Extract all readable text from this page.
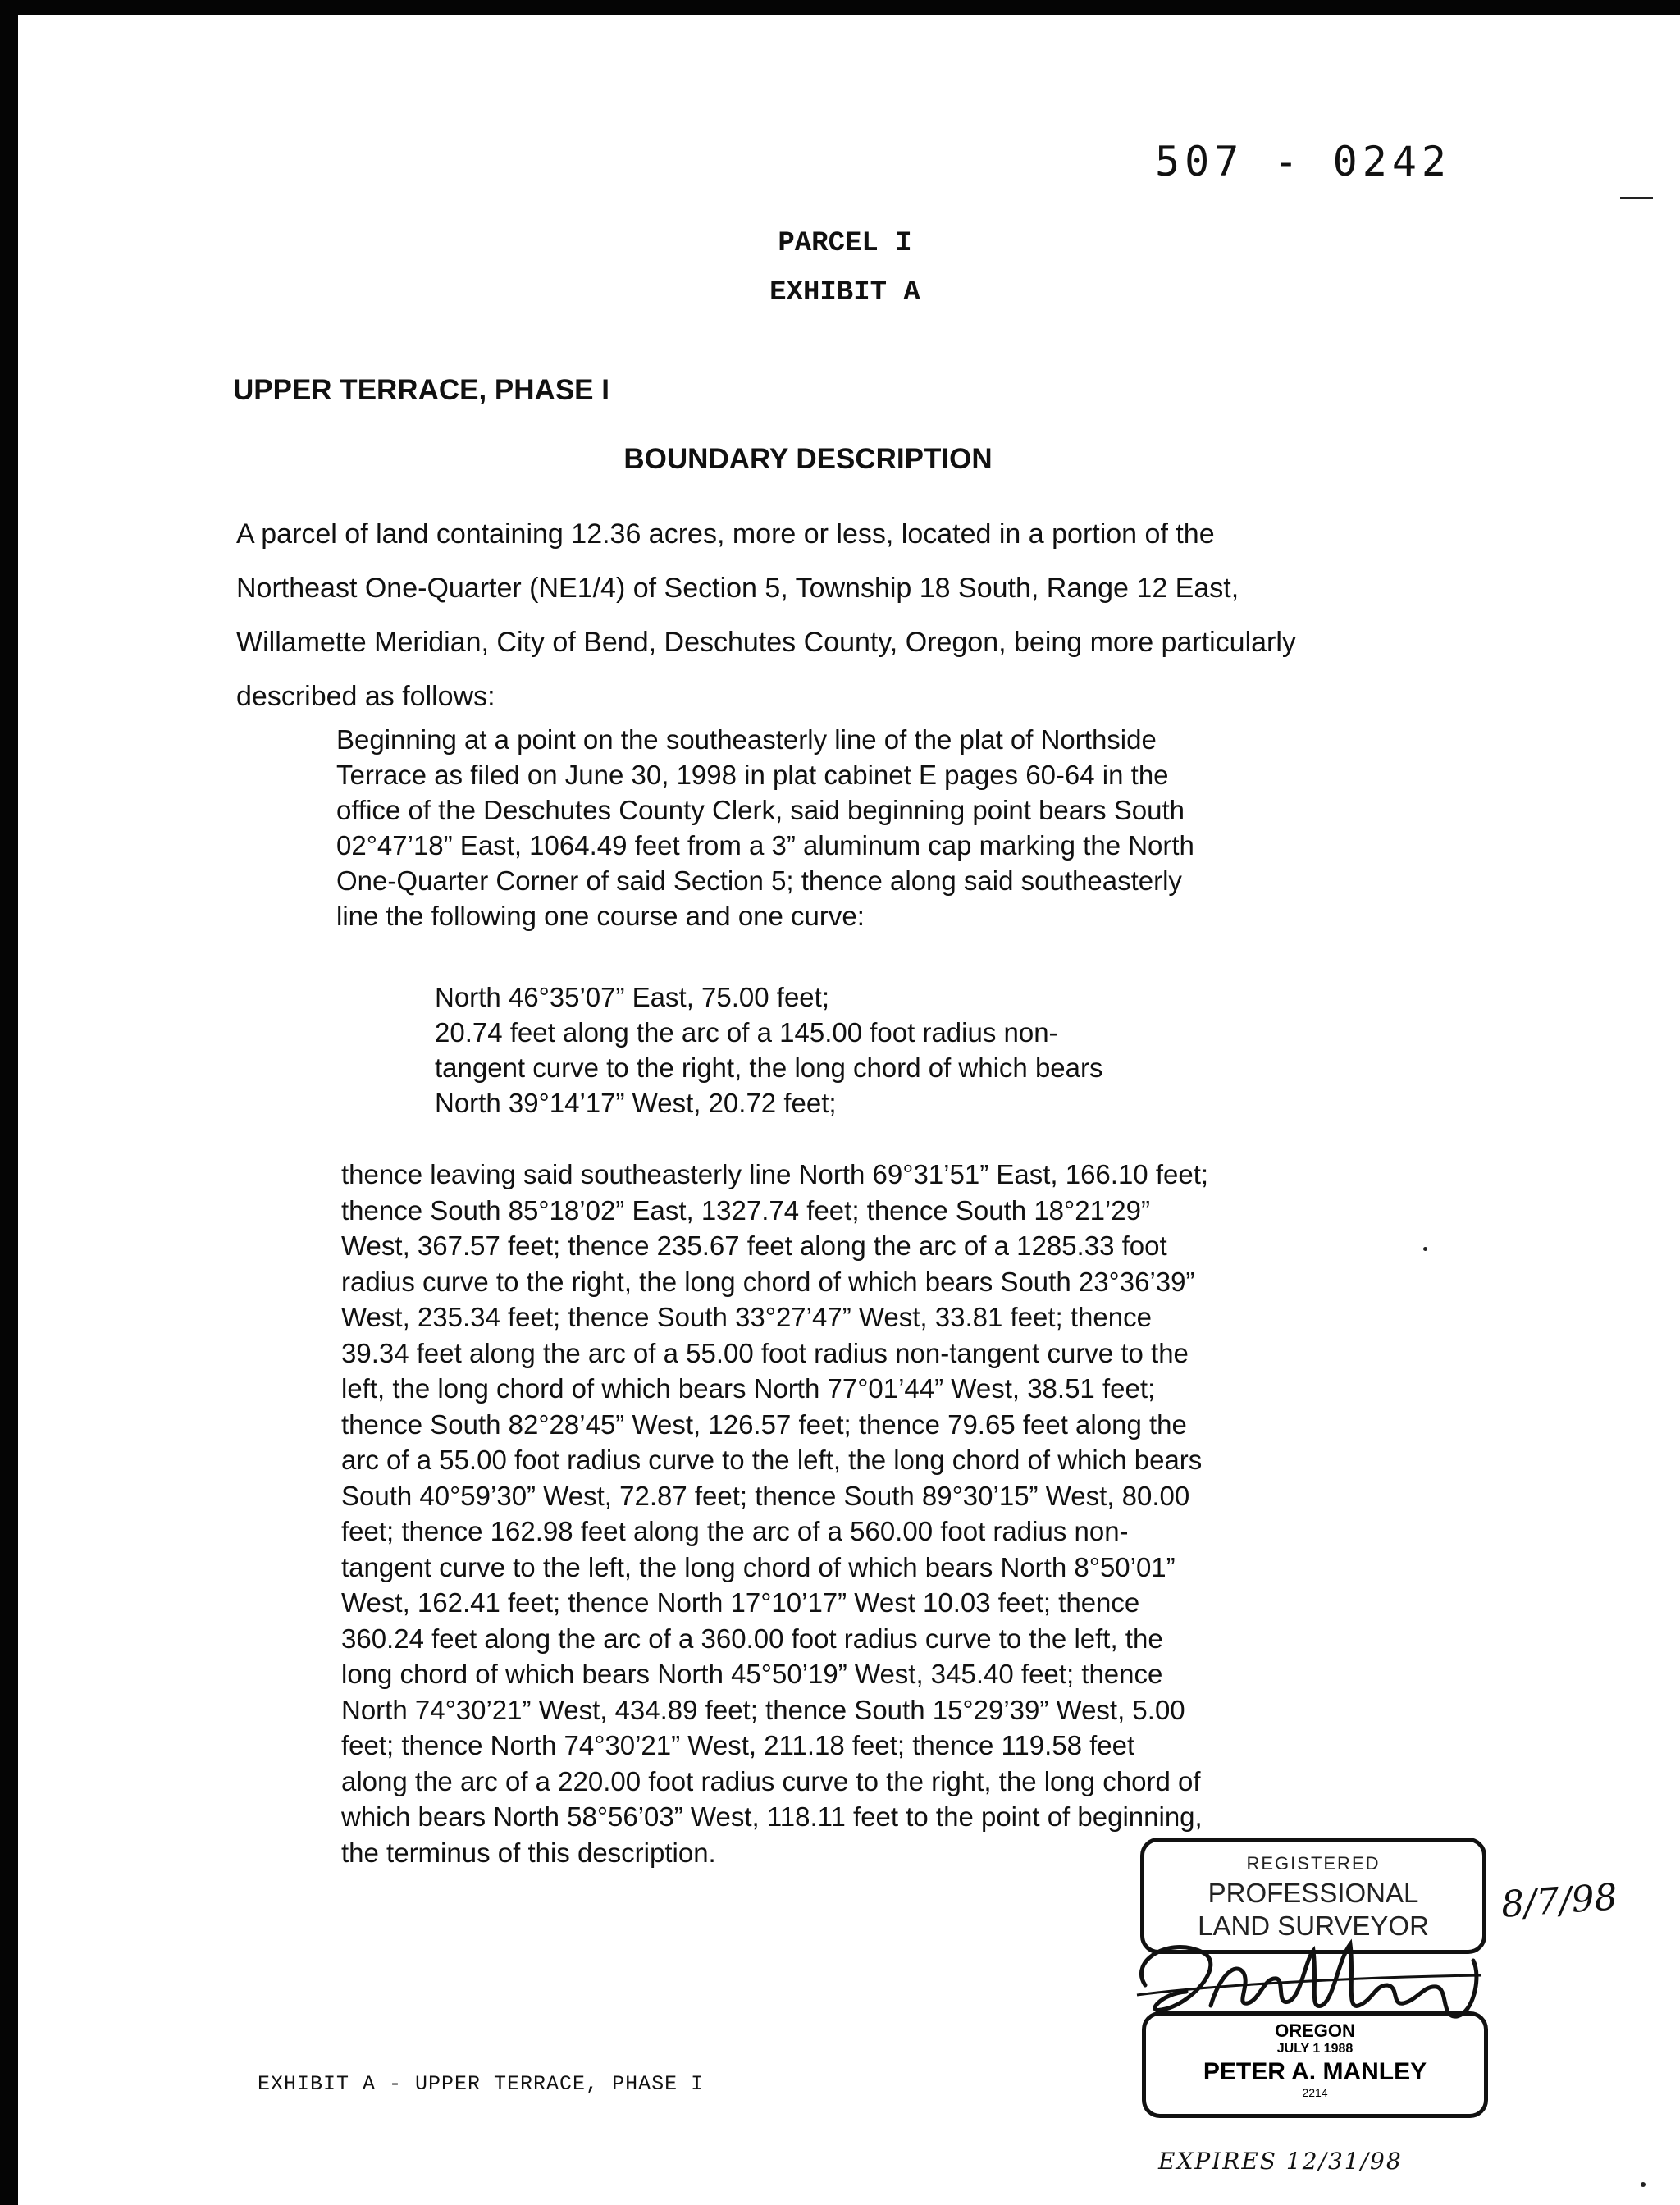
507 - 0242
PARCEL I
EXHIBIT A
UPPER TERRACE, PHASE I
BOUNDARY DESCRIPTION
A parcel of land containing 12.36 acres, more or less, located in a portion of the
Northeast One-Quarter (NE1/4) of Section 5, Township 18 South, Range 12 East,
Willamette Meridian, City of Bend, Deschutes County, Oregon, being more particularly
described as follows:
Beginning at a point on the southeasterly line of the plat of Northside
Terrace as filed on June 30, 1998 in plat cabinet E pages 60-64 in the
office of the Deschutes County Clerk, said beginning point bears South
02°47’18” East, 1064.49 feet from a 3” aluminum cap marking the North
One-Quarter Corner of said Section 5; thence along said southeasterly
line the following one course and one curve:
North 46°35’07” East, 75.00 feet;
20.74 feet along the arc of a 145.00 foot radius non-
tangent curve to the right, the long chord of which bears
North 39°14’17” West, 20.72 feet;
thence leaving said southeasterly line North 69°31’51” East, 166.10 feet;
thence South 85°18’02” East, 1327.74 feet; thence South 18°21’29”
West, 367.57 feet; thence 235.67 feet along the arc of a 1285.33 foot
radius curve to the right, the long chord of which bears South 23°36’39”
West, 235.34 feet; thence South 33°27’47” West, 33.81 feet; thence
39.34 feet along the arc of a 55.00 foot radius non-tangent curve to the
left, the long chord of which bears North 77°01’44” West, 38.51 feet;
thence South 82°28’45” West, 126.57 feet; thence 79.65 feet along the
arc of a 55.00 foot radius curve to the left, the long chord of which bears
South 40°59’30” West, 72.87 feet; thence South 89°30’15” West, 80.00
feet; thence 162.98 feet along the arc of a 560.00 foot radius non-
tangent curve to the left, the long chord of which bears North 8°50’01”
West, 162.41 feet; thence North 17°10’17” West 10.03 feet; thence
360.24 feet along the arc of a 360.00 foot radius curve to the left, the
long chord of which bears North 45°50’19” West, 345.40 feet; thence
North 74°30’21” West, 434.89 feet; thence South 15°29’39” West, 5.00
feet; thence North 74°30’21” West, 211.18 feet; thence 119.58 feet
along the arc of a 220.00 foot radius curve to the right, the long chord of
which bears North 58°56’03” West, 118.11 feet to the point of beginning,
the terminus of this description.
EXHIBIT A - UPPER TERRACE, PHASE I
REGISTERED
PROFESSIONAL
LAND SURVEYOR
OREGON
JULY 1 1988
PETER A. MANLEY
2214
8/7/98
EXPIRES 12/31/98
